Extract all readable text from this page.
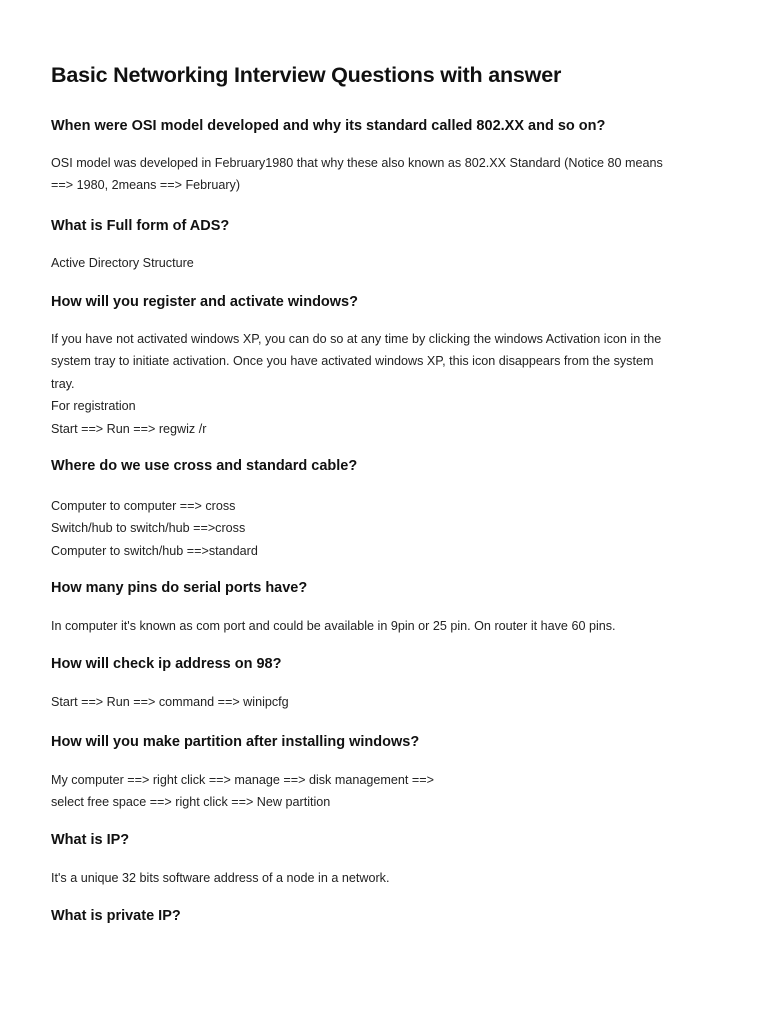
Basic Networking Interview Questions with answer
When were OSI model developed and why its standard called 802.XX and so on?
OSI model was developed in February1980 that why these also known as 802.XX Standard (Notice 80 means
==> 1980, 2means ==> February)
What is Full form of ADS?
Active Directory Structure
How will you register and activate windows?
If you have not activated windows XP, you can do so at any time by clicking the windows Activation icon in the
system tray to initiate activation. Once you have activated windows XP, this icon disappears from the system
tray.
For registration
Start ==> Run ==> regwiz /r
Where do we use cross and standard cable?
Computer to computer ==> cross
Switch/hub to switch/hub ==>cross
Computer to switch/hub ==>standard
How many pins do serial ports have?
In computer it's known as com port and could be available in 9pin or 25 pin. On router it have 60 pins.
How will check ip address on 98?
Start ==> Run ==> command ==> winipcfg
How will you make partition after installing windows?
My computer ==> right click ==> manage ==> disk management ==>
select free space ==> right click ==> New partition
What is IP?
It's a unique 32 bits software address of a node in a network.
What is private IP?
